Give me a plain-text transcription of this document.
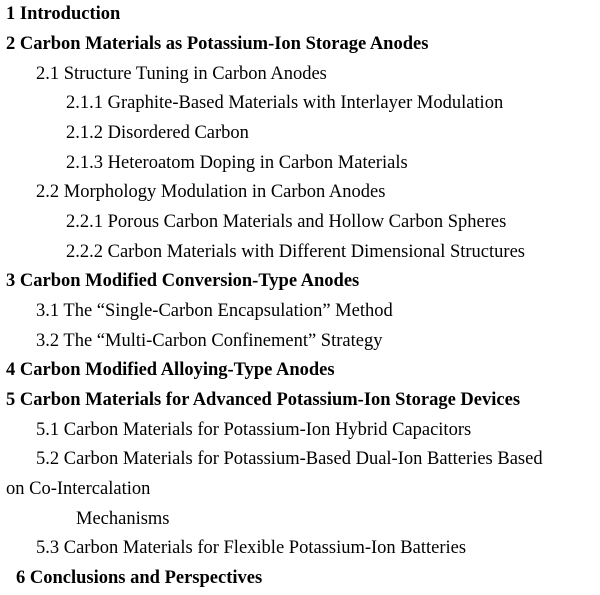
1 Introduction
2 Carbon Materials as Potassium-Ion Storage Anodes
2.1 Structure Tuning in Carbon Anodes
2.1.1 Graphite-Based Materials with Interlayer Modulation
2.1.2 Disordered Carbon
2.1.3 Heteroatom Doping in Carbon Materials
2.2 Morphology Modulation in Carbon Anodes
2.2.1 Porous Carbon Materials and Hollow Carbon Spheres
2.2.2 Carbon Materials with Different Dimensional Structures
3 Carbon Modified Conversion-Type Anodes
3.1 The “Single-Carbon Encapsulation” Method
3.2 The “Multi-Carbon Confinement” Strategy
4 Carbon Modified Alloying-Type Anodes
5 Carbon Materials for Advanced Potassium-Ion Storage Devices
5.1 Carbon Materials for Potassium-Ion Hybrid Capacitors
5.2 Carbon Materials for Potassium-Based Dual-Ion Batteries Based
on Co-Intercalation
Mechanisms
5.3 Carbon Materials for Flexible Potassium-Ion Batteries
6 Conclusions and Perspectives
